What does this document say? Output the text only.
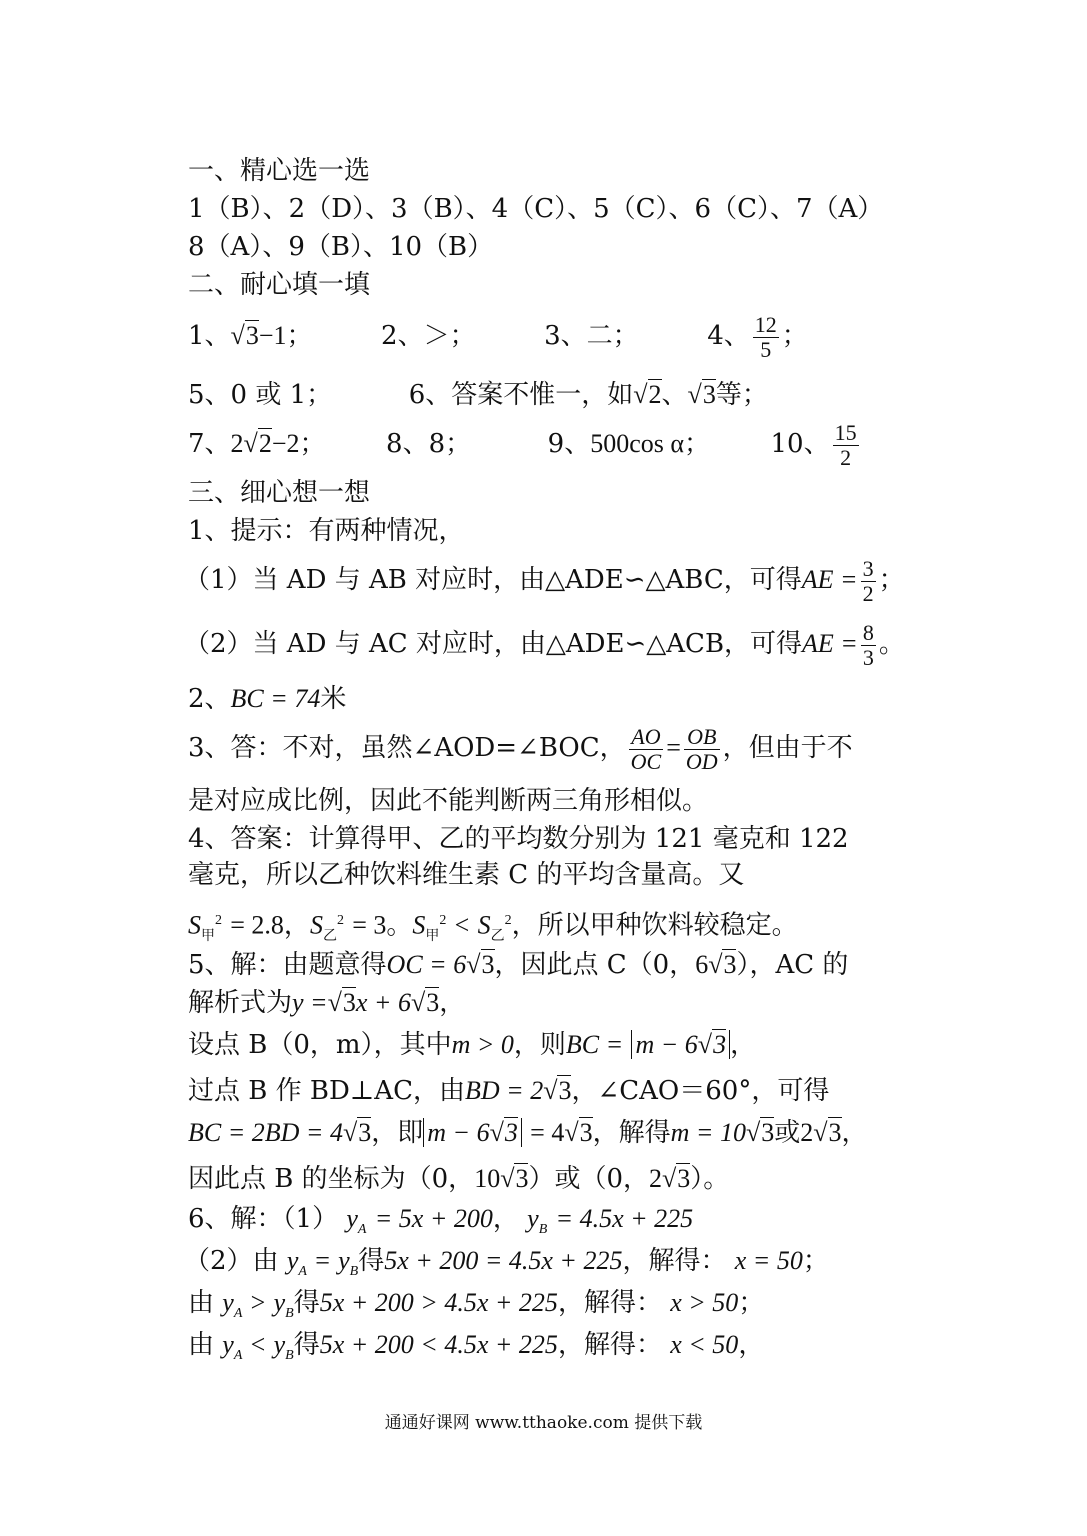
一、精心选一选
1（B）、2（D）、3（B）、4（C）、5（C）、6（C）、7（A）
8（A）、9（B）、10（B）
二、耐心填一填
1、√3−1；	2、＞；	3、二；	4、 $\frac{12}{5}$ ；
5、0 或 1；	6、答案不惟一，如√2、√3等；
7、2√2−2； 8、8；	9、500cos α； 10、 $\frac{15}{2}$
三、细心想一想
1、提示：有两种情况，
（1）当 AD 与 AB 对应时，由△ADE∽△ABC，可得AE = $\frac{3}{2}$ ；
（2）当 AD 与 AC 对应时，由△ADE∽△ACB，可得AE = $\frac{8}{3}$ 。
2、BC = 74米
3、答：不对，虽然∠AOD=∠BOC， $\frac{AO}{OC} = \frac{OB}{OD}$ ，但由于不
是对应成比例，因此不能判断两三角形相似。
4、答案：计算得甲、乙的平均数分别为 121 毫克和 122
毫克，所以乙种饮料维生素 C 的平均含量高。又
$S_甲^2 = 2.8$，$S_乙^2 = 3$。$S_甲^2 < S_乙^2$，所以甲种饮料较稳定。
5、解：由题意得OC = 6√3，因此点 C（0，6√3），AC 的
解析式为y =√3x + 6√3，
设点 B（0，m），其中m > 0，则BC = m − 6√3 ，
过点 B 作 BD⊥AC，由BD = 2√3，∠CAO＝60°，可得
BC = 2BD = 4√3，即 m − 6√3 = 4√3，解得m = 10√3或2√3，
因此点 B 的坐标为（0，10√3）或（0，2√3）。
6、解：（1） $y_A = 5x + 200$， $y_B = 4.5x + 225$
（2）由 $y_A = y_B$得5x + 200 = 4.5x + 225，解得： x = 50；
由 $y_A > y_B$得5x + 200 > 4.5x + 225，解得： x > 50；
由 $y_A < y_B$得5x + 200 < 4.5x + 225，解得： x < 50，
通通好课网 www.tthaoke.com 提供下载
